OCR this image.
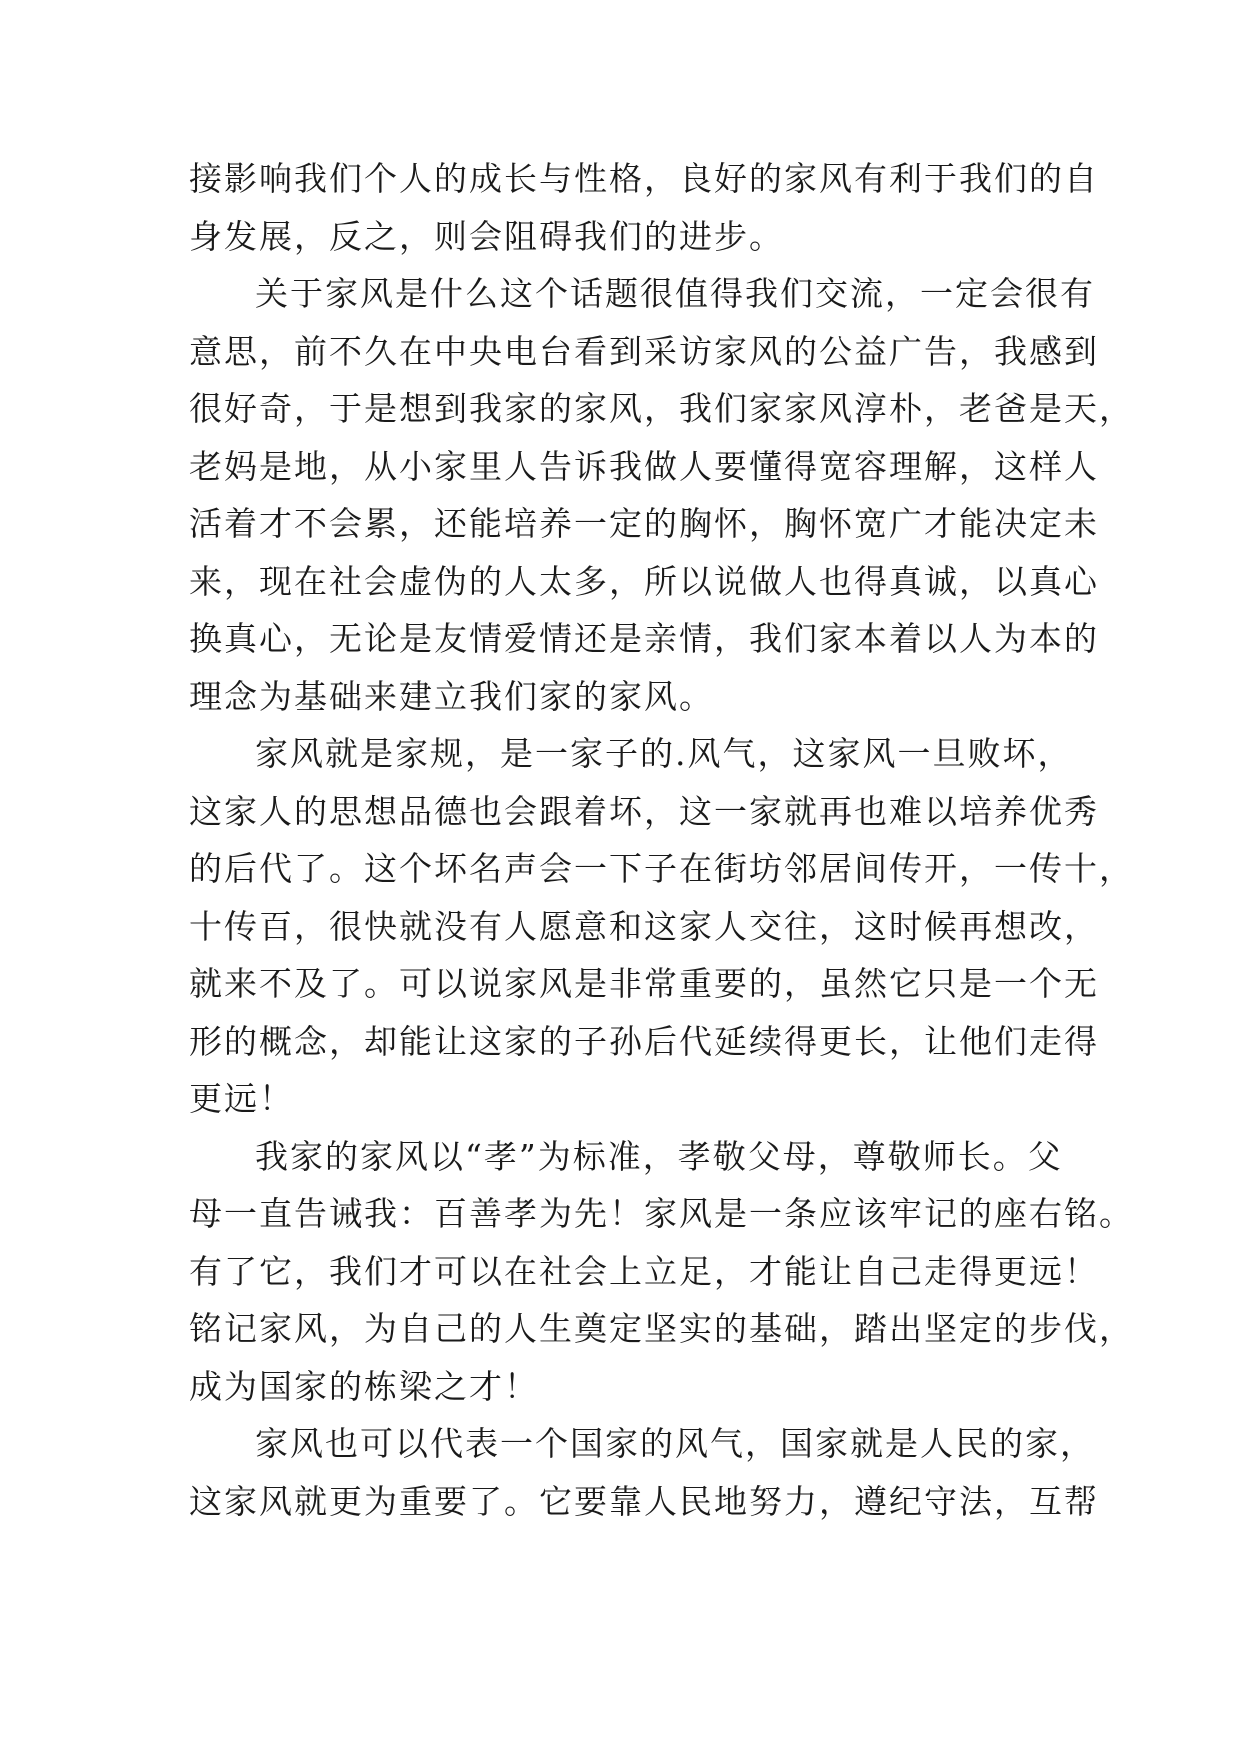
接影响我们个人的成长与性格，良好的家风有利于我们的自
身发展，反之，则会阻碍我们的进步。
关于家风是什么这个话题很值得我们交流，一定会很有
意思，前不久在中央电台看到采访家风的公益广告，我感到
很好奇，于是想到我家的家风，我们家家风淳朴，老爸是天，
老妈是地，从小家里人告诉我做人要懂得宽容理解，这样人
活着才不会累，还能培养一定的胸怀，胸怀宽广才能决定未
来，现在社会虚伪的人太多，所以说做人也得真诚，以真心
换真心，无论是友情爱情还是亲情，我们家本着以人为本的
理念为基础来建立我们家的家风。
家风就是家规，是一家子的.风气，这家风一旦败坏，
这家人的思想品德也会跟着坏，这一家就再也难以培养优秀
的后代了。这个坏名声会一下子在街坊邻居间传开，一传十，
十传百，很快就没有人愿意和这家人交往，这时候再想改，
就来不及了。可以说家风是非常重要的，虽然它只是一个无
形的概念，却能让这家的子孙后代延续得更长，让他们走得
更远！
我家的家风以“孝”为标准，孝敬父母，尊敬师长。父
母一直告诫我：百善孝为先！家风是一条应该牢记的座右铭。
有了它，我们才可以在社会上立足，才能让自己走得更远！
铭记家风，为自己的人生奠定坚实的基础，踏出坚定的步伐，
成为国家的栋梁之才！
家风也可以代表一个国家的风气，国家就是人民的家，
这家风就更为重要了。它要靠人民地努力，遵纪守法，互帮
